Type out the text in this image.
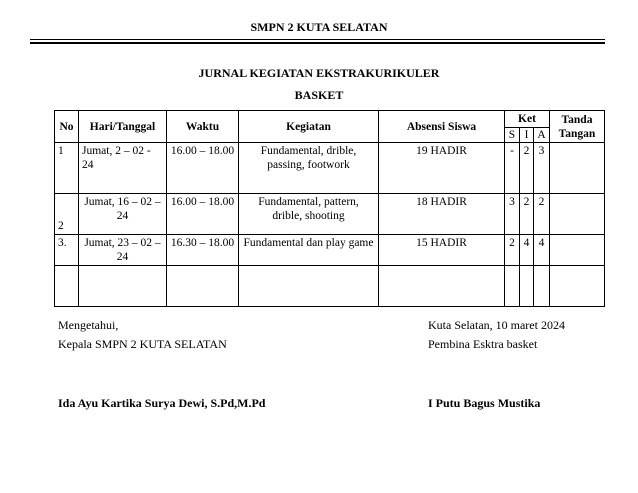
SMPN 2 KUTA SELATAN
JURNAL KEGIATAN EKSTRAKURIKULER
BASKET
No	Hari/Tanggal	Waktu	Kegiatan	Absensi Siswa	Ket			Tanda Tangan
					S	I	A	
1	Jumat, 2 – 02 - 24	16.00 – 18.00	Fundamental, drible, passing, footwork	19 HADIR	-	2	3	
2	Jumat, 16 – 02 – 24	16.00 – 18.00	Fundamental, pattern, drible, shooting	18 HADIR	3	2	2	
3.	Jumat, 23 – 02 – 24	16.30 – 18.00	Fundamental dan play game	15 HADIR	2	4	4	

Mengetahui,
Kepala SMPN 2 KUTA SELATAN
Ida Ayu Kartika Surya Dewi, S.Pd,M.Pd
Kuta Selatan, 10 maret 2024
Pembina Esktra basket
I Putu Bagus Mustika
